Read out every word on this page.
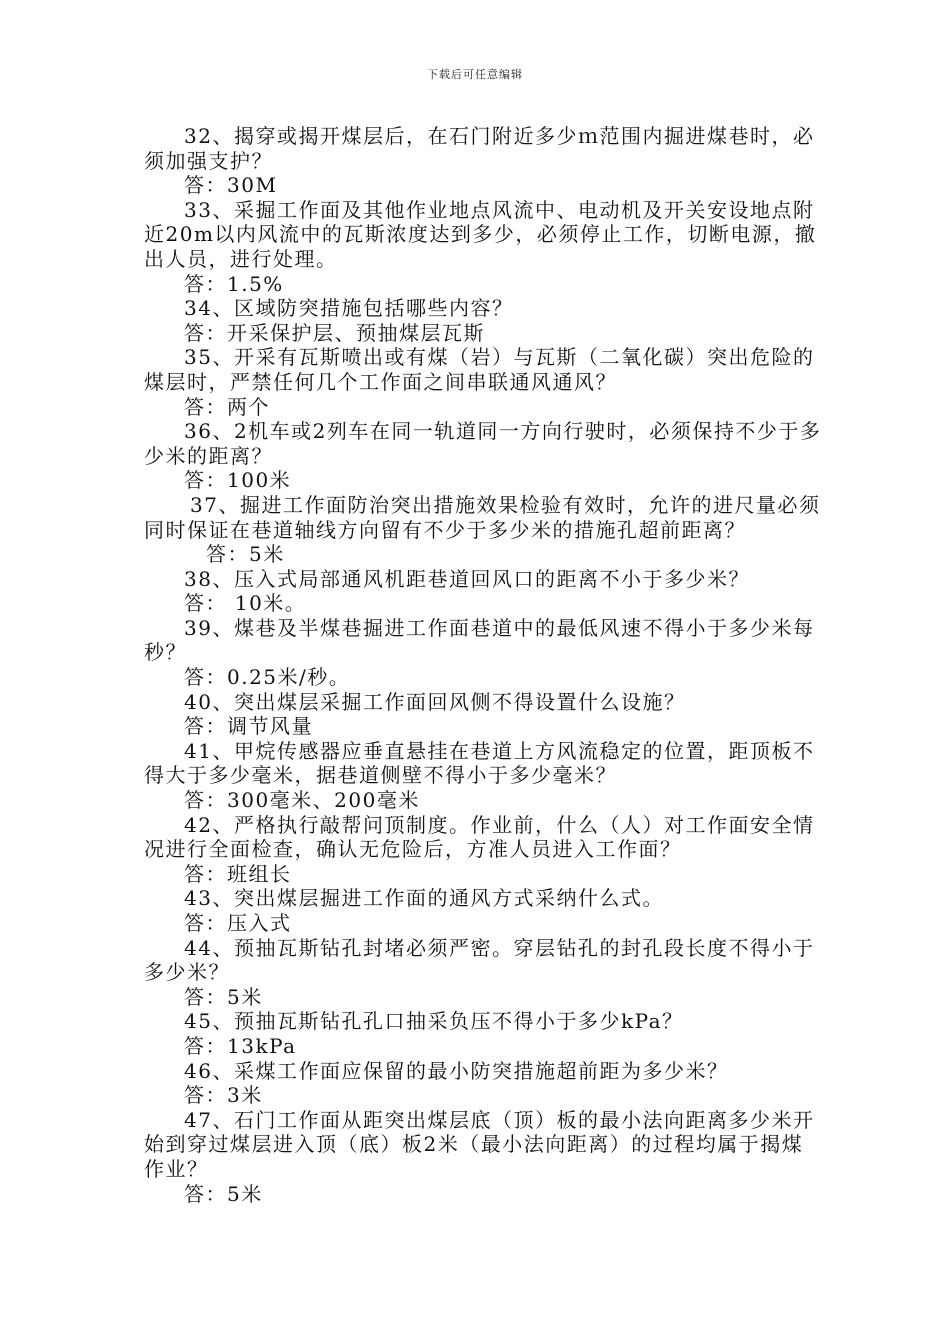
下载后可任意编辑
32、揭穿或揭开煤层后，在石门附近多少ｍ范围内掘进煤巷时，必须加强支护？
答：30M
33、采掘工作面及其他作业地点风流中、电动机及开关安设地点附近20m以内风流中的瓦斯浓度达到多少，必须停止工作，切断电源，撤出人员，进行处理。
答：1.5%
34、区域防突措施包括哪些内容？
答：开采保护层、预抽煤层瓦斯
35、开采有瓦斯喷出或有煤（岩）与瓦斯（二氧化碳）突出危险的煤层时，严禁任何几个工作面之间串联通风通风？
答：两个
36、2机车或2列车在同一轨道同一方向行驶时，必须保持不少于多少米的距离？
答：100米
37、掘进工作面防治突出措施效果检验有效时，允许的进尺量必须同时保证在巷道轴线方向留有不少于多少米的措施孔超前距离？
答：5米
38、压入式局部通风机距巷道回风口的距离不小于多少米？
答： 10米。
39、煤巷及半煤巷掘进工作面巷道中的最低风速不得小于多少米每秒？
答：0.25米/秒。
40、突出煤层采掘工作面回风侧不得设置什么设施？
答：调节风量
41、甲烷传感器应垂直悬挂在巷道上方风流稳定的位置，距顶板不得大于多少毫米，据巷道侧壁不得小于多少毫米？
答：300毫米、200毫米
42、严格执行敲帮问顶制度。作业前，什么（人）对工作面安全情况进行全面检查，确认无危险后，方准人员进入工作面？
答：班组长
43、突出煤层掘进工作面的通风方式采纳什么式。
答：压入式
44、预抽瓦斯钻孔封堵必须严密。穿层钻孔的封孔段长度不得小于多少米？
答：5米
45、预抽瓦斯钻孔孔口抽采负压不得小于多少kPa？
答：13kPa
46、采煤工作面应保留的最小防突措施超前距为多少米？
答：3米
47、石门工作面从距突出煤层底（顶）板的最小法向距离多少米开始到穿过煤层进入顶（底）板2米（最小法向距离）的过程均属于揭煤作业？
答：5米
